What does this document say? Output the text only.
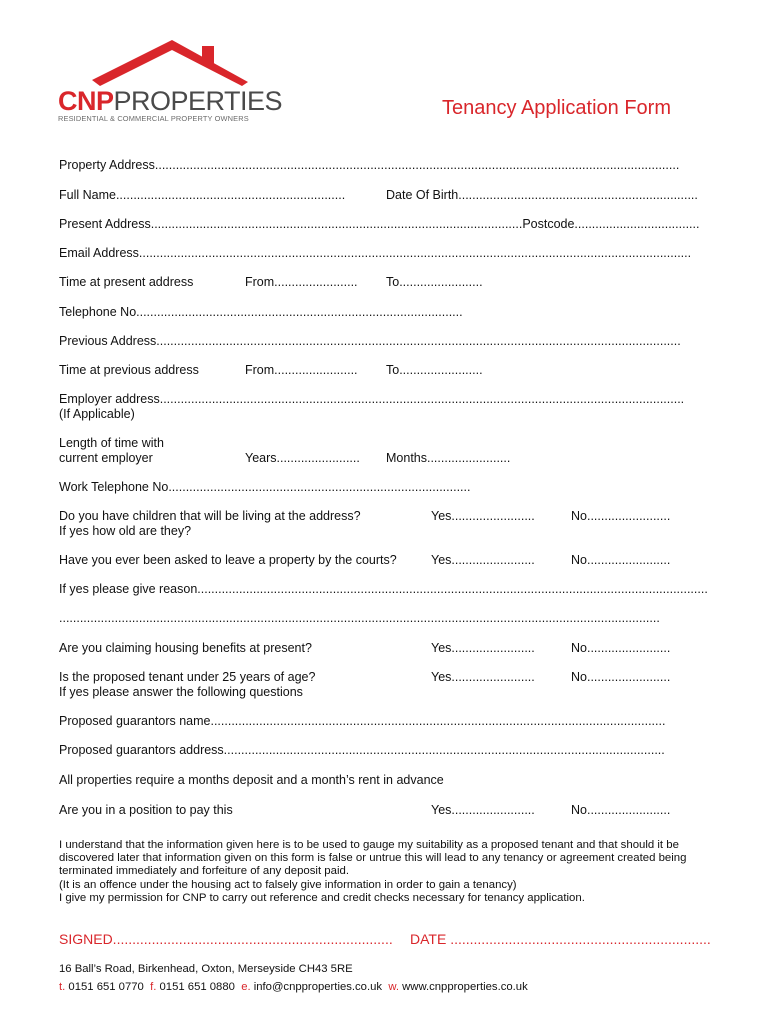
CNPPROPERTIES
RESIDENTIAL & COMMERCIAL PROPERTY OWNERS	Tenancy Application Form
Property Address.......................................................................................................................................................
Full Name..................................................................	Date Of Birth.....................................................................
Present Address...........................................................................................................Postcode....................................
Email Address...............................................................................................................................................................
Time at present address	From........................ To........................
Telephone No..............................................................................................
Previous Address.......................................................................................................................................................
Time at previous address	From........................ To........................
Employer address.......................................................................................................................................................
(If Applicable)
Length of time with
current employer	Years........................ Months........................
Work Telephone No.......................................................................................
Do you have children that will be living at the address?
If yes how old are they?
Yes........................	No........................
Have you ever been asked to leave a property by the courts?	Yes........................	No........................
If yes please give reason...................................................................................................................................................
.............................................................................................................................................................................
Are you claiming housing benefits at present?	Yes........................	No........................
Is the proposed tenant under 25 years of age?
If yes please answer the following questions
Yes........................	No........................
Proposed guarantors name...................................................................................................................................
Proposed guarantors address...............................................................................................................................
All properties require a months deposit and a month’s rent in advance
Are you in a position to pay this	Yes........................	No........................
I understand that the information given here is to be used to gauge my suitability as a proposed tenant and that should it be
discovered later that information given on this form is false or untrue this will lead to any tenancy or agreement created being
terminated immediately and forfeiture of any deposit paid.
(It is an offence under the housing act to falsely give information in order to gain a tenancy)
I give my permission for CNP to carry out reference and credit checks necessary for tenancy application.
SIGNED........................................................................ DATE ...................................................................
16 Ball’s Road, Birkenhead, Oxton, Merseyside CH43 5RE
t. 0151 651 0770 f. 0151 651 0880 e. info@cnpproperties.co.uk w. www.cnpproperties.co.uk
